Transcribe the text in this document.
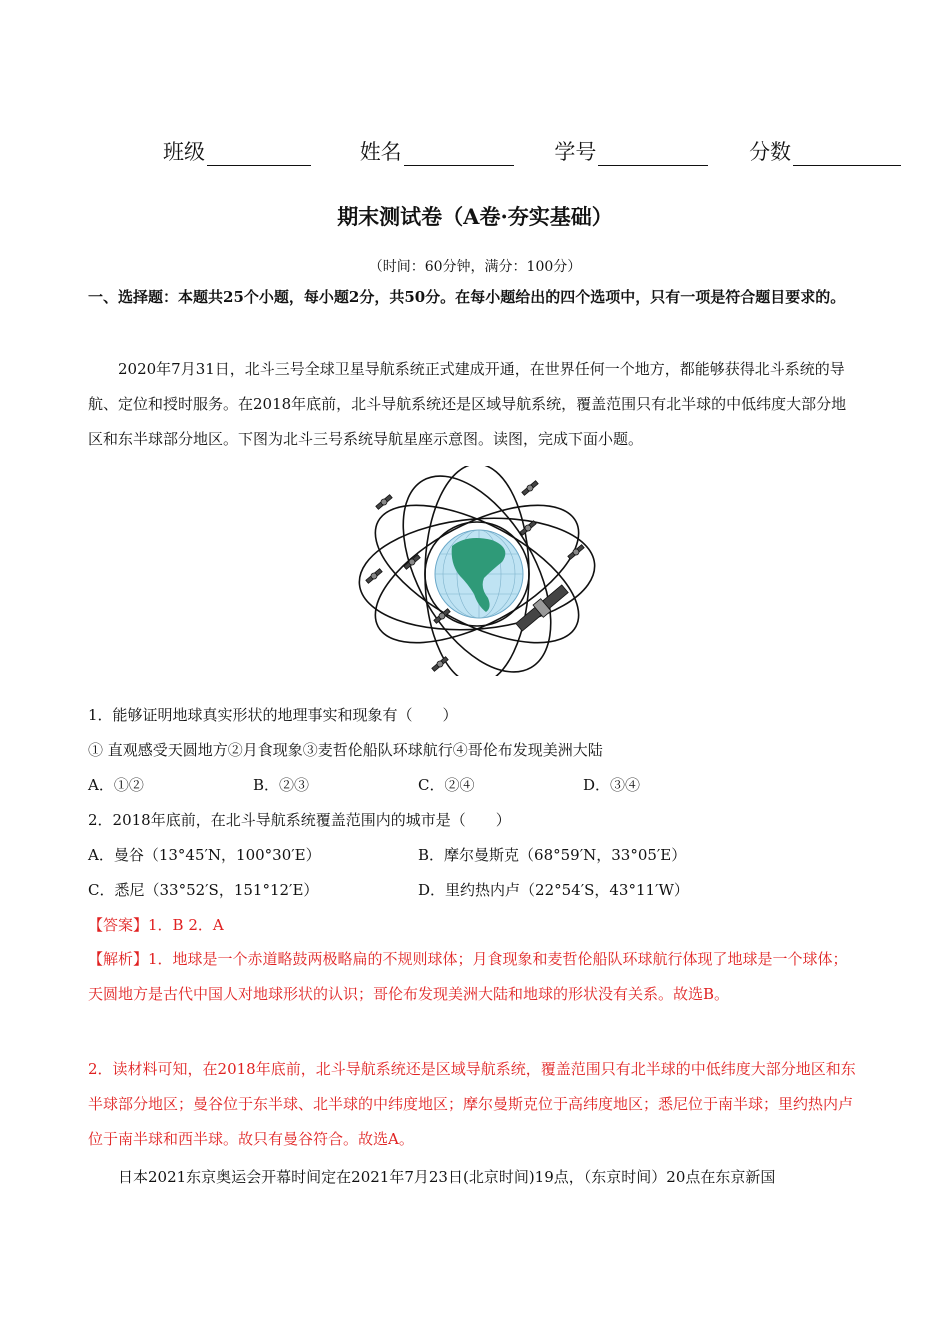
班级	姓名	学号	分数
期末测试卷（A卷·夯实基础）
（时间：60分钟，满分：100分）
一、选择题：本题共25个小题，每小题2分，共50分。在每小题给出的四个选项中，只有一项是符合题目要求的。
2020年7月31日，北斗三号全球卫星导航系统正式建成开通，在世界任何一个地方，都能够获得北斗系统的导航、定位和授时服务。在2018年底前，北斗导航系统还是区域导航系统，覆盖范围只有北半球的中低纬度大部分地区和东半球部分地区。下图为北斗三号系统导航星座示意图。读图，完成下面小题。
1．能够证明地球真实形状的地理事实和现象有（　　）
① 直观感受天圆地方②月食现象③麦哲伦船队环球航行④哥伦布发现美洲大陆
A．①②	B．②③	C．②④	D．③④
2．2018年底前，在北斗导航系统覆盖范围内的城市是（　　）
A．曼谷（13°45′N，100°30′E）	B．摩尔曼斯克（68°59′N，33°05′E）
C．悉尼（33°52′S，151°12′E）	D．里约热内卢（22°54′S，43°11′W）
【答案】1．B 2．A
【解析】1．地球是一个赤道略鼓两极略扁的不规则球体；月食现象和麦哲伦船队环球航行体现了地球是一个球体；天圆地方是古代中国人对地球形状的认识；哥伦布发现美洲大陆和地球的形状没有关系。故选B。
2．读材料可知，在2018年底前，北斗导航系统还是区域导航系统，覆盖范围只有北半球的中低纬度大部分地区和东半球部分地区；曼谷位于东半球、北半球的中纬度地区；摩尔曼斯克位于高纬度地区；悉尼位于南半球；里约热内卢位于南半球和西半球。故只有曼谷符合。故选A。
日本2021东京奥运会开幕时间定在2021年7月23日(北京时间)19点，（东京时间）20点在东京新国
